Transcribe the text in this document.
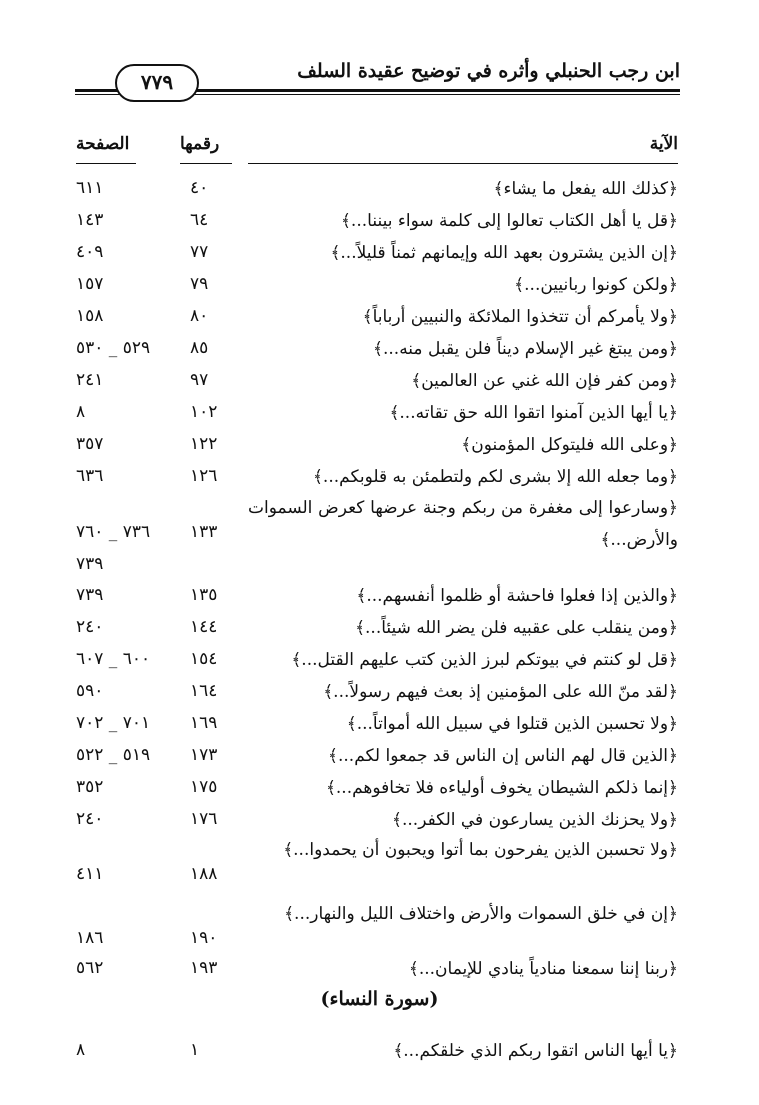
ابن رجب الحنبلي وأثره في توضيح عقيدة السلف
٧٧٩
الآية
رقمها
الصفحة
﴿كذلك الله يفعل ما يشاء﴾
٤٠
٦١١
﴿قل يا أهل الكتاب تعالوا إلى كلمة سواء بيننا...﴾
٦٤
١٤٣
﴿إن الذين يشترون بعهد الله وإيمانهم ثمناً قليلاً...﴾
٧٧
٤٠٩
﴿ولكن كونوا ربانيين...﴾
٧٩
١٥٧
﴿ولا يأمركم أن تتخذوا الملائكة والنبيين أرباباً﴾
٨٠
١٥٨
﴿ومن يبتغ غير الإسلام ديناً فلن يقبل منه...﴾
٨٥
٥٢٩ _ ٥٣٠
﴿ومن كفر فإن الله غني عن العالمين﴾
٩٧
٢٤١
﴿يا أيها الذين آمنوا اتقوا الله حق تقاته...﴾
١٠٢
٨
﴿وعلى الله فليتوكل المؤمنون﴾
١٢٢
٣٥٧
﴿وما جعله الله إلا بشرى لكم ولتطمئن به قلوبكم...﴾
١٢٦
٦٣٦
﴿وسارعوا إلى مغفرة من ربكم وجنة عرضها كعرض السموات والأرض...﴾
١٣٣
٧٣٦ _ ٧٦٠
٧٣٩
﴿والذين إذا فعلوا فاحشة أو ظلموا أنفسهم...﴾
١٣٥
٧٣٩
﴿ومن ينقلب على عقبيه فلن يضر الله شيئاً...﴾
١٤٤
٢٤٠
﴿قل لو كنتم في بيوتكم لبرز الذين كتب عليهم القتل...﴾
١٥٤
٦٠٠ _ ٦٠٧
﴿لقد منّ الله على المؤمنين إذ بعث فيهم رسولاً...﴾
١٦٤
٥٩٠
﴿ولا تحسبن الذين قتلوا في سبيل الله أمواتاً...﴾
١٦٩
٧٠١ _ ٧٠٢
﴿الذين قال لهم الناس إن الناس قد جمعوا لكم...﴾
١٧٣
٥١٩ _ ٥٢٢
﴿إنما ذلكم الشيطان يخوف أولياءه فلا تخافوهم...﴾
١٧٥
٣٥٢
﴿ولا يحزنك الذين يسارعون في الكفر...﴾
١٧٦
٢٤٠
﴿ولا تحسبن الذين يفرحون بما أتوا ويحبون أن يحمدوا...﴾
١٨٨
٤١١
﴿إن في خلق السموات والأرض واختلاف الليل والنهار...﴾
١٩٠
١٨٦
﴿ربنا إننا سمعنا منادياً ينادي للإيمان...﴾
١٩٣
٥٦٢
(سورة النساء)
﴿يا أيها الناس اتقوا ربكم الذي خلقكم...﴾
١
٨
